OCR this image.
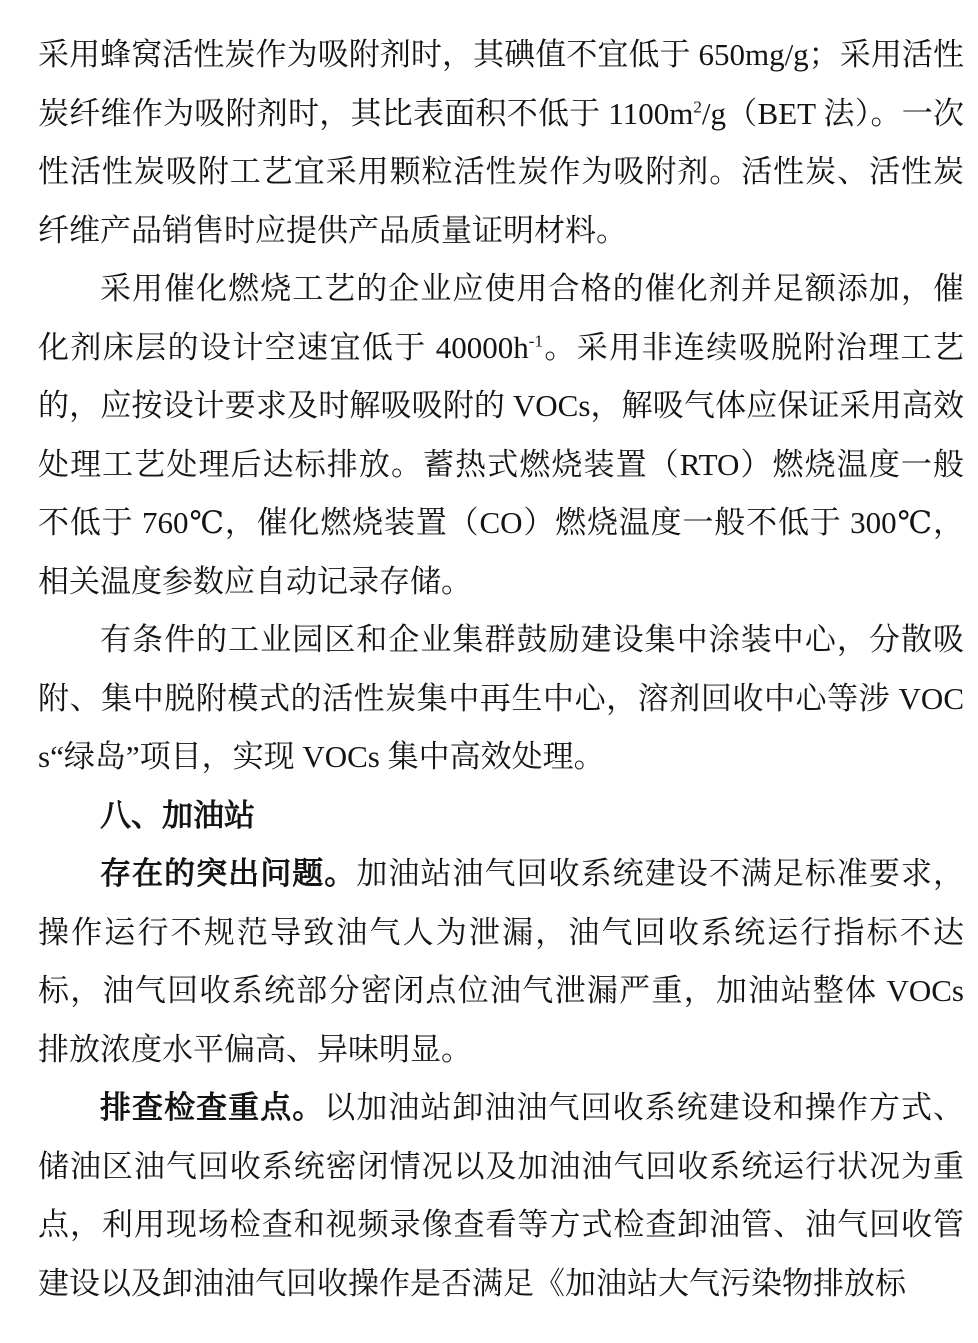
采用蜂窝活性炭作为吸附剂时，其碘值不宜低于 650mg/g；采用活性炭纤维作为吸附剂时，其比表面积不低于 $1100m^2/g(BET$ 法）。一次性活性炭吸附工艺宜采用颗粒活性炭作为吸附剂。活性炭、活性炭纤维产品销售时应提供产品质量证明材料。

采用催化燃烧工艺的企业应使用合格的催化剂并足额添加，催化剂床层的设计空速宜低于 $40000h^{-1}$。采用非连续吸脱附治理工艺的，应按设计要求及时解吸吸附的 VOCs，解吸气体应保证采用高效处理工艺处理后达标排放。蓄热式燃烧装置（RTO）燃烧温度一般不低于 760℃，催化燃烧装置（CO）燃烧温度一般不低于 300℃，相关温度参数应自动记录存储。

有条件的工业园区和企业集群鼓励建设集中涂装中心，分散吸附、集中脱附模式的活性炭集中再生中心，溶剂回收中心等涉 VOCs“绿岛”项目，实现 VOCs 集中高效处理。

八、加油站

存在的突出问题。加油站油气回收系统建设不满足标准要求，操作运行不规范导致油气人为泄漏，油气回收系统运行指标不达标，油气回收系统部分密闭点位油气泄漏严重，加油站整体 VOCs 排放浓度水平偏高、异味明显。

排查检查重点。以加油站卸油油气回收系统建设和操作方式、储油区油气回收系统密闭情况以及加油油气回收系统运行状况为重点，利用现场检查和视频录像查看等方式检查卸油管、油气回收管建设以及卸油油气回收操作是否满足《加油站大气污染物排放标
